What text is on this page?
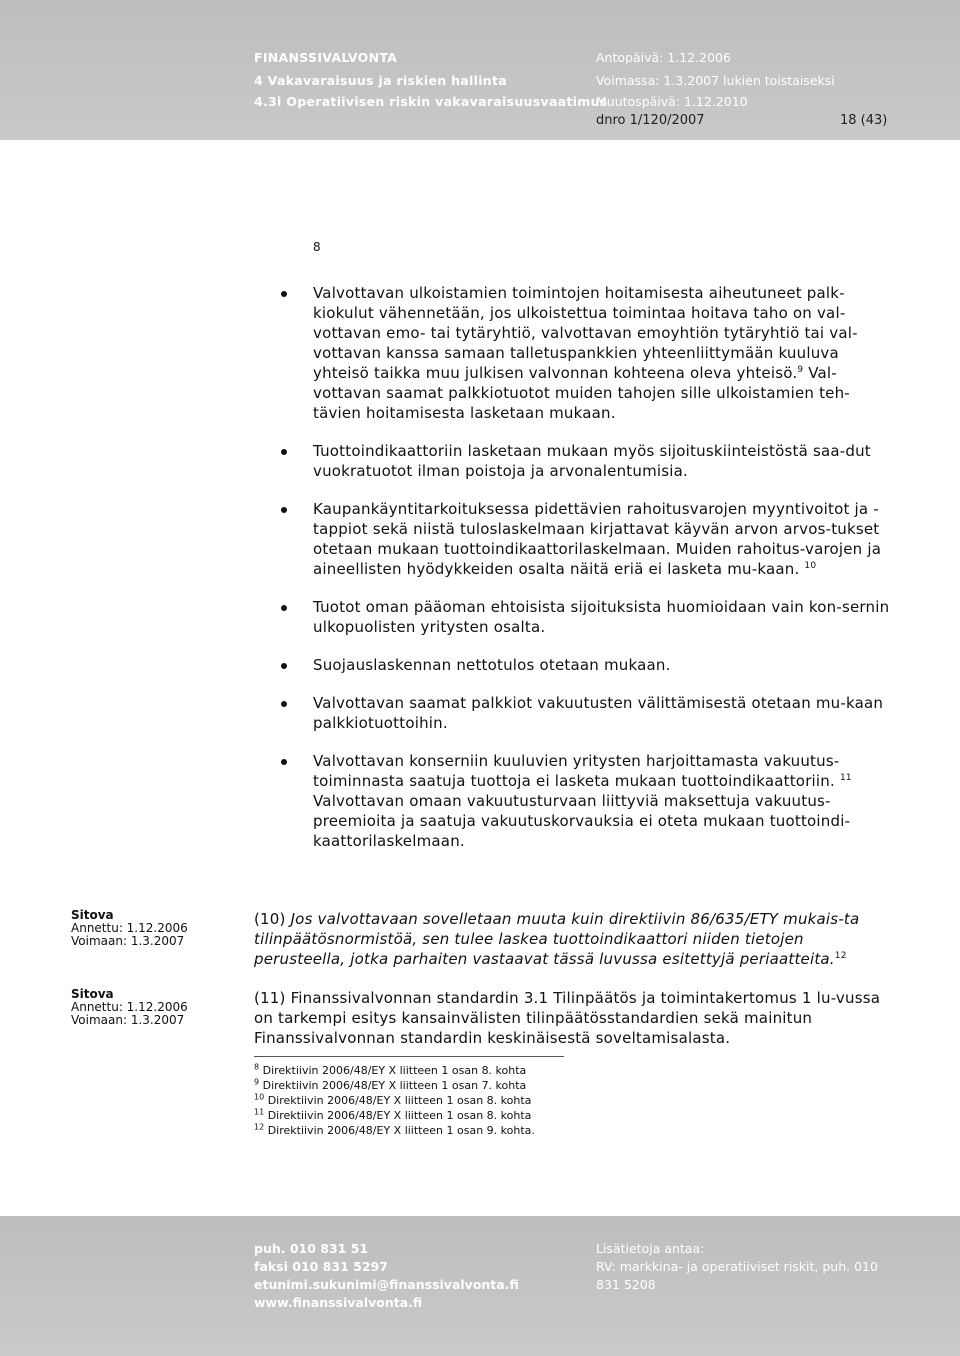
FINANSSIVALVONTA
4 Vakavaraisuus ja riskien hallinta
4.3i Operatiivisen riskin vakavaraisuusvaatimus
Antopäivä: 1.12.2006
Voimassa: 1.3.2007 lukien toistaiseksi
Muutospäivä: 1.12.2010
dnro 1/120/2007	18 (43)
8
Valvottavan ulkoistamien toimintojen hoitamisesta aiheutuneet palk-kiokulut vähennetään, jos ulkoistettua toimintaa hoitava taho on val-vottavan emo- tai tytäryhtiö, valvottavan emoyhtiön tytäryhtiö tai val-vottavan kanssa samaan talletuspankkien yhteenliittymään kuuluva yhteisö taikka muu julkisen valvonnan kohteena oleva yhteisö.$^9$ Val-vottavan saamat palkkiotuotot muiden tahojen sille ulkoistamien teh-tävien hoitamisesta lasketaan mukaan.
Tuottoindikaattoriin lasketaan mukaan myös sijoituskiinteistöstä saa-dut vuokratuotot ilman poistoja ja arvonalentumisia.
Kaupankäyntitarkoituksessa pidettävien rahoitusvarojen myyntivoitot ja -tappiot sekä niistä tuloslaskelmaan kirjattavat käyvän arvon arvos-tukset otetaan mukaan tuottoindikaattorilaskelmaan. Muiden rahoitus-varojen ja aineellisten hyödykkeiden osalta näitä eriä ei lasketa mu-kaan. $^{10}$
Tuotot oman pääoman ehtoisista sijoituksista huomioidaan vain kon-sernin ulkopuolisten yritysten osalta.
Suojauslaskennan nettotulos otetaan mukaan.
Valvottavan saamat palkkiot vakuutusten välittämisestä otetaan mu-kaan palkkiotuottoihin.
Valvottavan konserniin kuuluvien yritysten harjoittamasta vakuutus-toiminnasta saatuja tuottoja ei lasketa mukaan tuottoindikaattoriin. $^{11}$ Valvottavan omaan vakuutusturvaan liittyviä maksettuja vakuutus-preemioita ja saatuja vakuutuskorvauksia ei oteta mukaan tuottoindi-kaattorilaskelmaan.
Sitova
Annettu: 1.12.2006
Voimaan: 1.3.2007
(10) Jos valvottavaan sovelletaan muuta kuin direktiivin 86/635/ETY mukais-ta tilinpäätösnormistöä, sen tulee laskea tuottoindikaattori niiden tietojen perusteella, jotka parhaiten vastaavat tässä luvussa esitettyjä periaatteita.$^{12}$
Sitova
Annettu: 1.12.2006
Voimaan: 1.3.2007
(11) Finanssivalvonnan standardin 3.1 Tilinpäätös ja toimintakertomus 1 lu-vussa on tarkempi esitys kansainvälisten tilinpäätösstandardien sekä mainitun Finanssivalvonnan standardin keskinäisestä soveltamisalasta.
$^8$ Direktiivin 2006/48/EY X liitteen 1 osan 8. kohta
$^9$ Direktiivin 2006/48/EY X liitteen 1 osan 7. kohta
$^{10}$ Direktiivin 2006/48/EY X liitteen 1 osan 8. kohta
$^{11}$ Direktiivin 2006/48/EY X liitteen 1 osan 8. kohta
$^{12}$ Direktiivin 2006/48/EY X liitteen 1 osan 9. kohta.
puh. 010 831 51
faksi 010 831 5297
etunimi.sukunimi@finanssivalvonta.fi
www.finanssivalvonta.fi
Lisätietoja antaa:
RV: markkina- ja operatiiviset riskit, puh. 010 831 5208
